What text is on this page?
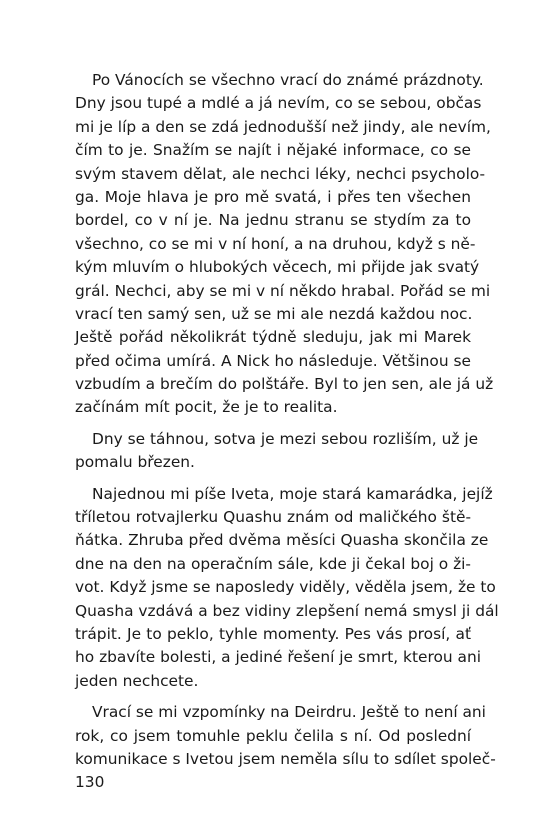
Po Vánocích se všechno vrací do známé prázdnoty.
Dny jsou tupé a mdlé a já nevím, co se sebou, občas
mi je líp a den se zdá jednodušší než jindy, ale nevím,
čím to je. Snažím se najít i nějaké informace, co se
svým stavem dělat, ale nechci léky, nechci psycholo-
ga. Moje hlava je pro mě svatá, i přes ten všechen
bordel, co v ní je. Na jednu stranu se stydím za to
všechno, co se mi v ní honí, a na druhou, když s ně-
kým mluvím o hlubokých věcech, mi přijde jak svatý
grál. Nechci, aby se mi v ní někdo hrabal. Pořád se mi
vrací ten samý sen, už se mi ale nezdá každou noc.
Ještě pořád několikrát týdně sleduju, jak mi Marek
před očima umírá. A Nick ho následuje. Většinou se
vzbudím a brečím do polštáře. Byl to jen sen, ale já už
začínám mít pocit, že je to realita.
Dny se táhnou, sotva je mezi sebou rozliším, už je
pomalu březen.
Najednou mi píše Iveta, moje stará kamarádka, jejíž
tříletou rotvajlerku Quashu znám od maličkého ště-
ňátka. Zhruba před dvěma měsíci Quasha skončila ze
dne na den na operačním sále, kde ji čekal boj o ži-
vot. Když jsme se naposledy viděly, věděla jsem, že to
Quasha vzdává a bez vidiny zlepšení nemá smysl ji dál
trápit. Je to peklo, tyhle momenty. Pes vás prosí, ať
ho zbavíte bolesti, a jediné řešení je smrt, kterou ani
jeden nechcete.
Vrací se mi vzpomínky na Deirdru. Ještě to není ani
rok, co jsem tomuhle peklu čelila s ní. Od poslední
komunikace s Ivetou jsem neměla sílu to sdílet společ-
130
